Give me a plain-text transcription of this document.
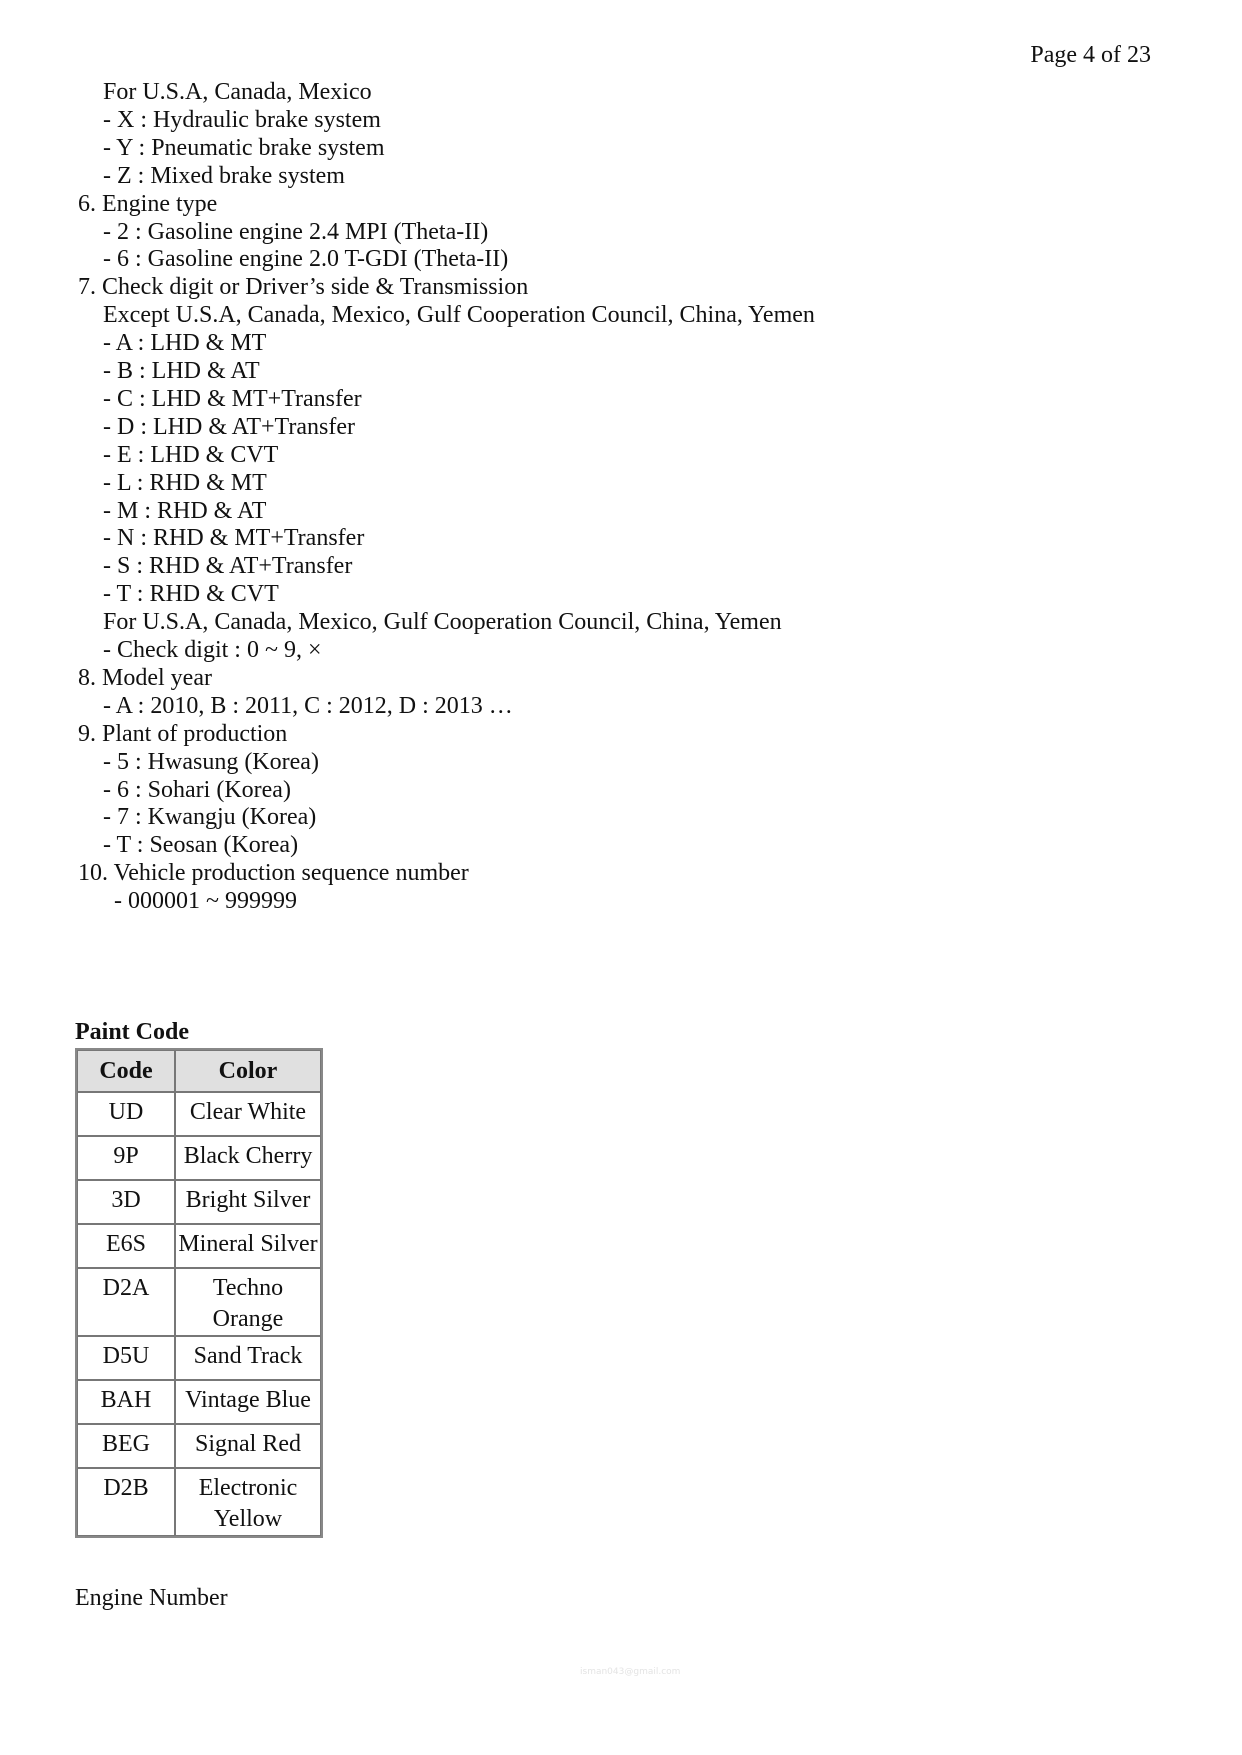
Page 4 of 23
For U.S.A, Canada, Mexico
- X : Hydraulic brake system
- Y : Pneumatic brake system
- Z : Mixed brake system
6. Engine type
- 2 : Gasoline engine 2.4 MPI (Theta-II)
- 6 : Gasoline engine 2.0 T-GDI (Theta-II)
7. Check digit or Driver’s side & Transmission
Except U.S.A, Canada, Mexico, Gulf Cooperation Council, China, Yemen
- A : LHD & MT
- B : LHD & AT
- C : LHD & MT+Transfer
- D : LHD & AT+Transfer
- E : LHD & CVT
- L : RHD & MT
- M : RHD & AT
- N : RHD & MT+Transfer
- S : RHD & AT+Transfer
- T : RHD & CVT
For U.S.A, Canada, Mexico, Gulf Cooperation Council, China, Yemen
- Check digit : 0 ~ 9, ×
8. Model year
- A : 2010, B : 2011, C : 2012, D : 2013 …
9. Plant of production
- 5 : Hwasung (Korea)
- 6 : Sohari (Korea)
- 7 : Kwangju (Korea)
- T : Seosan (Korea)
10. Vehicle production sequence number
- 000001 ~ 999999
Paint Code
Code	Color
UD	Clear White
9P	Black Cherry
3D	Bright Silver
E6S	Mineral Silver
D2A	Techno Orange
D5U	Sand Track
BAH	Vintage Blue
BEG	Signal Red
D2B	Electronic Yellow
Engine Number
isman043@gmail.com
